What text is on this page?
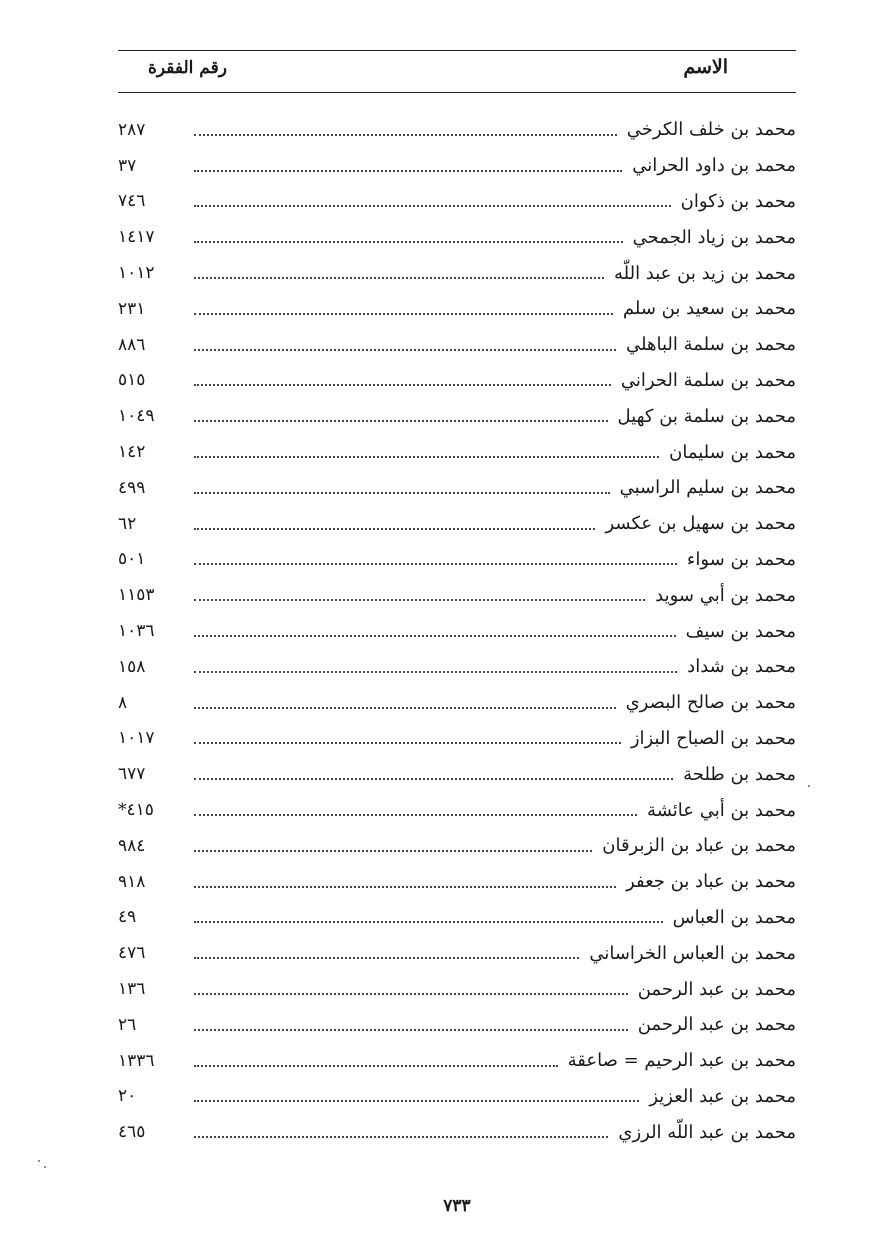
الاسم
رقم الفقرة
محمد بن خلف الكرخي
٢٨٧
محمد بن داود الحراني
٣٧
محمد بن ذكوان
٧٤٦
محمد بن زياد الجمحي
١٤١٧
محمد بن زيد بن عبد اللّه
١٠١٢
محمد بن سعيد بن سلم
٢٣١
محمد بن سلمة الباهلي
٨٨٦
محمد بن سلمة الحراني
٥١٥
محمد بن سلمة بن كهيل
١٠٤٩
محمد بن سليمان
١٤٢
محمد بن سليم الراسبي
٤٩٩
محمد بن سهيل بن عكسر
٦٢
محمد بن سواء
٥٠١
محمد بن أبي سويد
١١٥٣
محمد بن سيف
١٠٣٦
محمد بن شداد
١٥٨
محمد بن صالح البصري
٨
محمد بن الصباح البزاز
١٠١٧
محمد بن طلحة
٦٧٧
محمد بن أبي عائشة
٤١٥*
محمد بن عباد بن الزبرقان
٩٨٤
محمد بن عباد بن جعفر
٩١٨
محمد بن العباس
٤٩
محمد بن العباس الخراساني
٤٧٦
محمد بن عبد الرحمن
١٣٦
محمد بن عبد الرحمن
٢٦
محمد بن عبد الرحيم = صاعقة
١٣٣٦
محمد بن عبد العزيز
٢٠
محمد بن عبد اللّه الرزي
٤٦٥
٧٣٣
